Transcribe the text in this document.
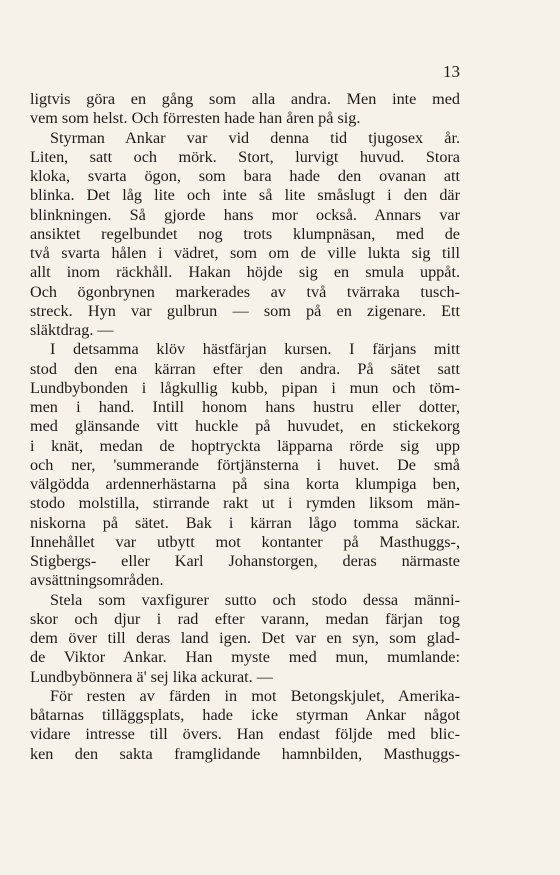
13
ligtvis göra en gång som alla andra. Men inte med
vem som helst. Och förresten hade han åren på sig.
Styrman Ankar var vid denna tid tjugosex år.
Liten, satt och mörk. Stort, lurvigt huvud. Stora
kloka, svarta ögon, som bara hade den ovanan att
blinka. Det låg lite och inte så lite småslugt i den där
blinkningen. Så gjorde hans mor också. Annars var
ansiktet regelbundet nog trots klumpnäsan, med de
två svarta hålen i vädret, som om de ville lukta sig till
allt inom räckhåll. Hakan höjde sig en smula uppåt.
Och ögonbrynen markerades av två tvärraka tusch-
streck. Hyn var gulbrun — som på en zigenare. Ett
släktdrag. —
I detsamma klöv hästfärjan kursen. I färjans mitt
stod den ena kärran efter den andra. På sätet satt
Lundbybonden i lågkullig kubb, pipan i mun och töm-
men i hand. Intill honom hans hustru eller dotter,
med glänsande vitt huckle på huvudet, en stickekorg
i knät, medan de hoptryckta läpparna rörde sig upp
och ner, 'summerande förtjänsterna i huvet. De små
välgödda ardennerhästarna på sina korta klumpiga ben,
stodo molstilla, stirrande rakt ut i rymden liksom män-
niskorna på sätet. Bak i kärran lågo tomma säckar.
Innehållet var utbytt mot kontanter på Masthuggs-,
Stigbergs- eller Karl Johanstorgen, deras närmaste
avsättningsområden.
Stela som vaxfigurer sutto och stodo dessa männi-
skor och djur i rad efter varann, medan färjan tog
dem över till deras land igen. Det var en syn, som glad-
de Viktor Ankar. Han myste med mun, mumlande:
Lundbybönnera ä' sej lika ackurat. —
För resten av färden in mot Betongskjulet, Amerika-
båtarnas tilläggsplats, hade icke styrman Ankar något
vidare intresse till övers. Han endast följde med blic-
ken den sakta framglidande hamnbilden, Masthuggs-
